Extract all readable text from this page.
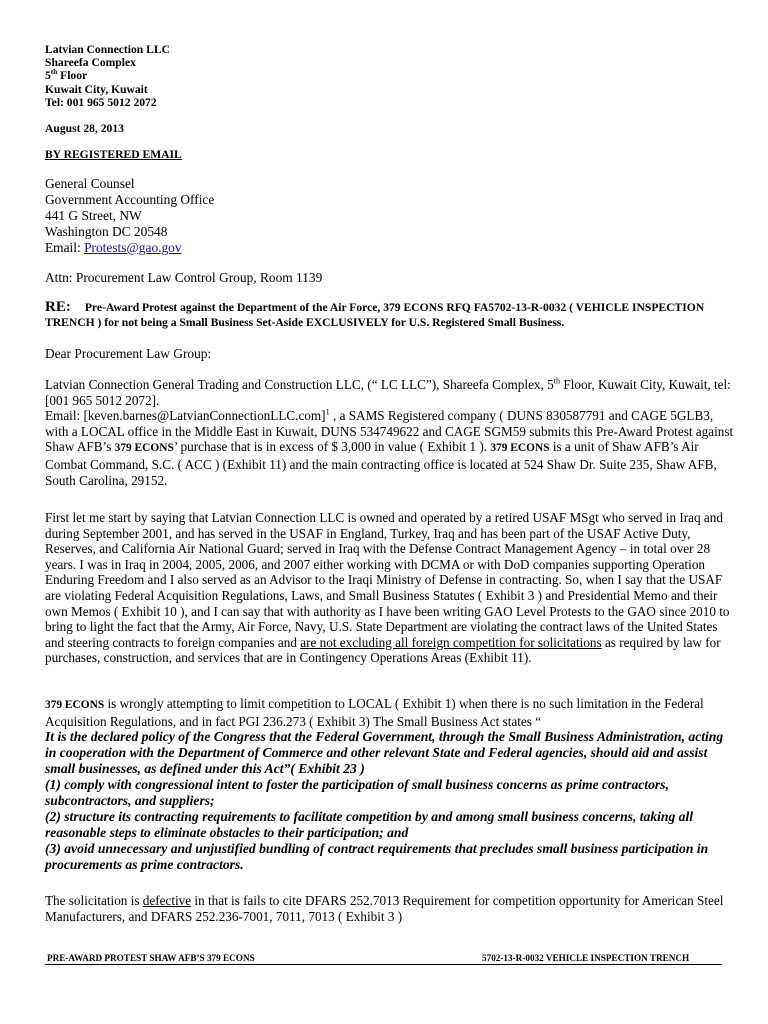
Latvian Connection LLC
Shareefa Complex
5th Floor
Kuwait City, Kuwait
Tel: 001 965 5012 2072
August 28, 2013
BY REGISTERED EMAIL
General Counsel
Government Accounting Office
441 G Street, NW
Washington DC 20548
Email: Protests@gao.gov
Attn: Procurement Law Control Group, Room 1139
RE: Pre-Award Protest against the Department of the Air Force, 379 ECONS RFQ FA5702-13-R-0032 ( VEHICLE INSPECTION TRENCH ) for not being a Small Business Set-Aside EXCLUSIVELY for U.S. Registered Small Business.
Dear Procurement Law Group:
Latvian Connection General Trading and Construction LLC, (“ LC LLC”), Shareefa Complex, 5th Floor, Kuwait City, Kuwait, tel: [001 965 5012 2072].
Email: [keven.barnes@LatvianConnectionLLC.com]$^1$ , a SAMS Registered company ( DUNS 830587791 and CAGE 5GLB3, with a LOCAL office in the Middle East in Kuwait, DUNS 534749622 and CAGE SGM59 submits this Pre-Award Protest against Shaw AFB’s 379 ECONS’ purchase that is in excess of $ 3,000 in value ( Exhibit 1 ). 379 ECONS is a unit of Shaw AFB’s Air Combat Command, S.C. ( ACC ) (Exhibit 11) and the main contracting office is located at 524 Shaw Dr. Suite 235, Shaw AFB, South Carolina, 29152.
First let me start by saying that Latvian Connection LLC is owned and operated by a retired USAF MSgt who served in Iraq and during September 2001, and has served in the USAF in England, Turkey, Iraq and has been part of the USAF Active Duty, Reserves, and California Air National Guard; served in Iraq with the Defense Contract Management Agency – in total over 28 years. I was in Iraq in 2004, 2005, 2006, and 2007 either working with DCMA or with DoD companies supporting Operation Enduring Freedom and I also served as an Advisor to the Iraqi Ministry of Defense in contracting. So, when I say that the USAF are violating Federal Acquisition Regulations, Laws, and Small Business Statutes ( Exhibit 3 ) and Presidential Memo and their own Memos ( Exhibit 10 ), and I can say that with authority as I have been writing GAO Level Protests to the GAO since 2010 to bring to light the fact that the Army, Air Force, Navy, U.S. State Department are violating the contract laws of the United States and steering contracts to foreign companies and are not excluding all foreign competition for solicitations as required by law for purchases, construction, and services that are in Contingency Operations Areas (Exhibit 11).
379 ECONS is wrongly attempting to limit competition to LOCAL ( Exhibit 1) when there is no such limitation in the Federal Acquisition Regulations, and in fact PGI 236.273 ( Exhibit 3) The Small Business Act states “
It is the declared policy of the Congress that the Federal Government, through the Small Business Administration, acting in cooperation with the Department of Commerce and other relevant State and Federal agencies, should aid and assist small businesses, as defined under this Act”( Exhibit 23 )
(1) comply with congressional intent to foster the participation of small business concerns as prime contractors, subcontractors, and suppliers;
(2) structure its contracting requirements to facilitate competition by and among small business concerns, taking all reasonable steps to eliminate obstacles to their participation; and
(3) avoid unnecessary and unjustified bundling of contract requirements that precludes small business participation in procurements as prime contractors.
The solicitation is defective in that is fails to cite DFARS 252.7013 Requirement for competition opportunity for American Steel Manufacturers, and DFARS 252.236-7001, 7011, 7013 ( Exhibit 3 )
PRE-AWARD PROTEST SHAW AFB’S 379 ECONS	5702-13-R-0032 VEHICLE INSPECTION TRENCH
